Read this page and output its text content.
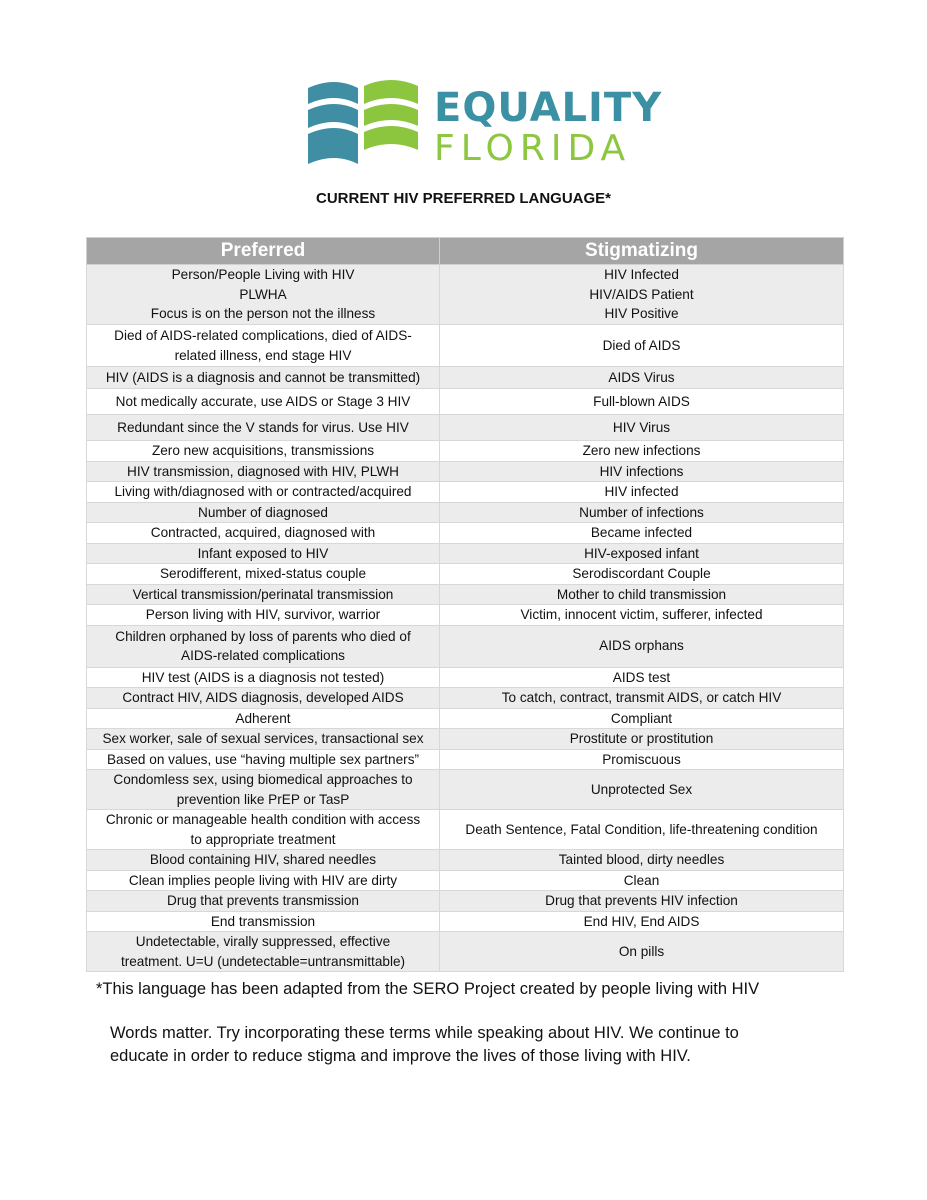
EQUALITY
FLORIDA
CURRENT HIV PREFERRED LANGUAGE*
Preferred	Stigmatizing

Person/People Living with HIV
PLWHA
Focus is on the person not the illness	HIV Infected
HIV/AIDS Patient
HIV Positive

Died of AIDS-related complications, died of AIDS-
related illness, end stage HIV	Died of AIDS

HIV (AIDS is a diagnosis and cannot be transmitted)	AIDS Virus

Not medically accurate, use AIDS or Stage 3 HIV	Full-blown AIDS

Redundant since the V stands for virus. Use HIV	HIV Virus

Zero new acquisitions, transmissions	Zero new infections

HIV transmission, diagnosed with HIV, PLWH	HIV infections

Living with/diagnosed with or contracted/acquired	HIV infected

Number of diagnosed	Number of infections

Contracted, acquired, diagnosed with	Became infected

Infant exposed to HIV	HIV-exposed infant

Serodifferent, mixed-status couple	Serodiscordant Couple

Vertical transmission/perinatal transmission	Mother to child transmission

Person living with HIV, survivor, warrior	Victim, innocent victim, sufferer, infected

Children orphaned by loss of parents who died of
AIDS-related complications	AIDS orphans

HIV test (AIDS is a diagnosis not tested)	AIDS test

Contract HIV, AIDS diagnosis, developed AIDS	To catch, contract, transmit AIDS, or catch HIV

Adherent	Compliant

Sex worker, sale of sexual services, transactional sex	Prostitute or prostitution

Based on values, use “having multiple sex partners”	Promiscuous

Condomless sex, using biomedical approaches to
prevention like PrEP or TasP	Unprotected Sex

Chronic or manageable health condition with access
to appropriate treatment	Death Sentence, Fatal Condition, life-threatening condition

Blood containing HIV, shared needles	Tainted blood, dirty needles

Clean implies people living with HIV are dirty	Clean

Drug that prevents transmission	Drug that prevents HIV infection

End transmission	End HIV, End AIDS

Undetectable, virally suppressed, effective
treatment. U=U (undetectable=untransmittable)	On pills
*This language has been adapted from the SERO Project created by people living with HIV
Words matter. Try incorporating these terms while speaking about HIV. We continue to
educate in order to reduce stigma and improve the lives of those living with HIV.
